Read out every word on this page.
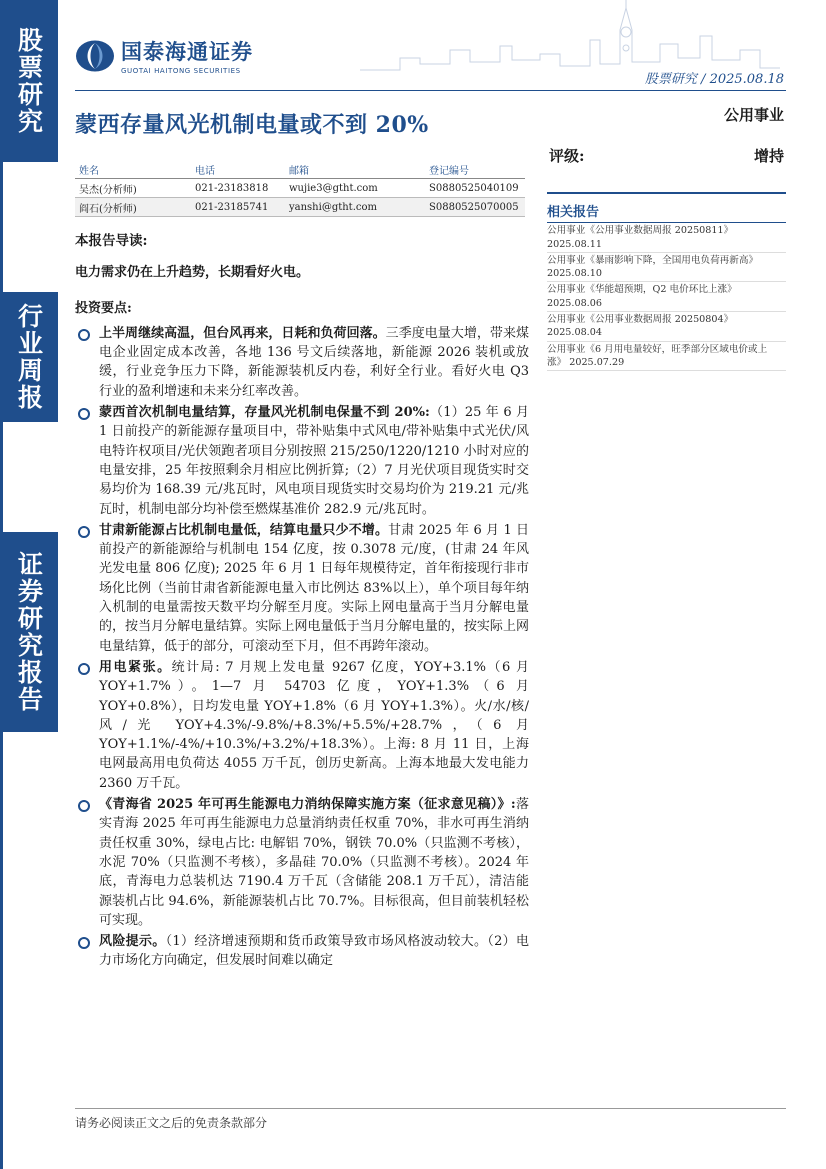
股票研究
行业周报
证券研究报告
国泰海通证券
GUOTAI HAITONG SECURITIES
股票研究 / 2025.08.18
蒙西存量风光机制电量或不到 20%	公用事业
姓名	电话	邮箱	登记编号
吴杰(分析师)	021-23183818	wujie3@gtht.com	S0880525040109
阎石(分析师)	021-23185741	yanshi@gtht.com	S0880525070005
评级:	增持
相关报告
公用事业《公用事业数据周报 20250811》 2025.08.11
公用事业《暴雨影响下降，全国用电负荷再新高》 2025.08.10
公用事业《华能超预期，Q2 电价环比上涨》 2025.08.06
公用事业《公用事业数据周报 20250804》 2025.08.04
公用事业《6 月用电量较好，旺季部分区域电价或上涨》 2025.07.29
本报告导读:
电力需求仍在上升趋势，长期看好火电。
投资要点:
上半周继续高温，但台风再来，日耗和负荷回落。三季度电量大增，带来煤电企业固定成本改善，各地 136 号文后续落地，新能源 2026 装机或放缓，行业竞争压力下降，新能源装机反内卷，利好全行业。看好火电 Q3 行业的盈利增速和未来分红率改善。
蒙西首次机制电量结算，存量风光机制电保量不到 20%:（1）25 年 6 月 1 日前投产的新能源存量项目中，带补贴集中式风电/带补贴集中式光伏/风电特许权项目/光伏领跑者项目分别按照 215/250/1220/1210 小时对应的电量安排，25 年按照剩余月相应比例折算;（2）7 月光伏项目现货实时交易均价为 168.39 元/兆瓦时，风电项目现货实时交易均价为 219.21 元/兆瓦时，机制电部分均补偿至燃煤基准价 282.9 元/兆瓦时。
甘肃新能源占比机制电量低，结算电量只少不增。甘肃 2025 年 6 月 1 日前投产的新能源给与机制电 154 亿度，按 0.3078 元/度，(甘肃 24 年风光发电量 806 亿度); 2025 年 6 月 1 日每年规模待定，首年衔接现行非市场化比例（当前甘肃省新能源电量入市比例达 83%以上），单个项目每年纳入机制的电量需按天数平均分解至月度。实际上网电量高于当月分解电量的，按当月分解电量结算。实际上网电量低于当月分解电量的，按实际上网电量结算，低于的部分，可滚动至下月，但不再跨年滚动。
用电紧张。统计局: 7 月规上发电量 9267 亿度，YOY+3.1%（6 月 YOY+1.7%）。1—7 月 54703 亿度，YOY+1.3%（6 月 YOY+0.8%），日均发电量 YOY+1.8%（6 月 YOY+1.3%）。火/水/核/风/光 YOY+4.3%/-9.8%/+8.3%/+5.5%/+28.7%，（6 月 YOY+1.1%/-4%/+10.3%/+3.2%/+18.3%）。上海: 8 月 11 日，上海电网最高用电负荷达 4055 万千瓦，创历史新高。上海本地最大发电能力 2360 万千瓦。
《青海省 2025 年可再生能源电力消纳保障实施方案（征求意见稿）》:落实青海 2025 年可再生能源电力总量消纳责任权重 70%，非水可再生消纳责任权重 30%，绿电占比: 电解铝 70%，钢铁 70.0%（只监测不考核），水泥 70%（只监测不考核），多晶硅 70.0%（只监测不考核）。2024 年底，青海电力总装机达 7190.4 万千瓦（含储能 208.1 万千瓦），清洁能源装机占比 94.6%，新能源装机占比 70.7%。目标很高，但目前装机轻松可实现。
风险提示。（1）经济增速预期和货币政策导致市场风格波动较大。（2）电力市场化方向确定，但发展时间难以确定
请务必阅读正文之后的免责条款部分
